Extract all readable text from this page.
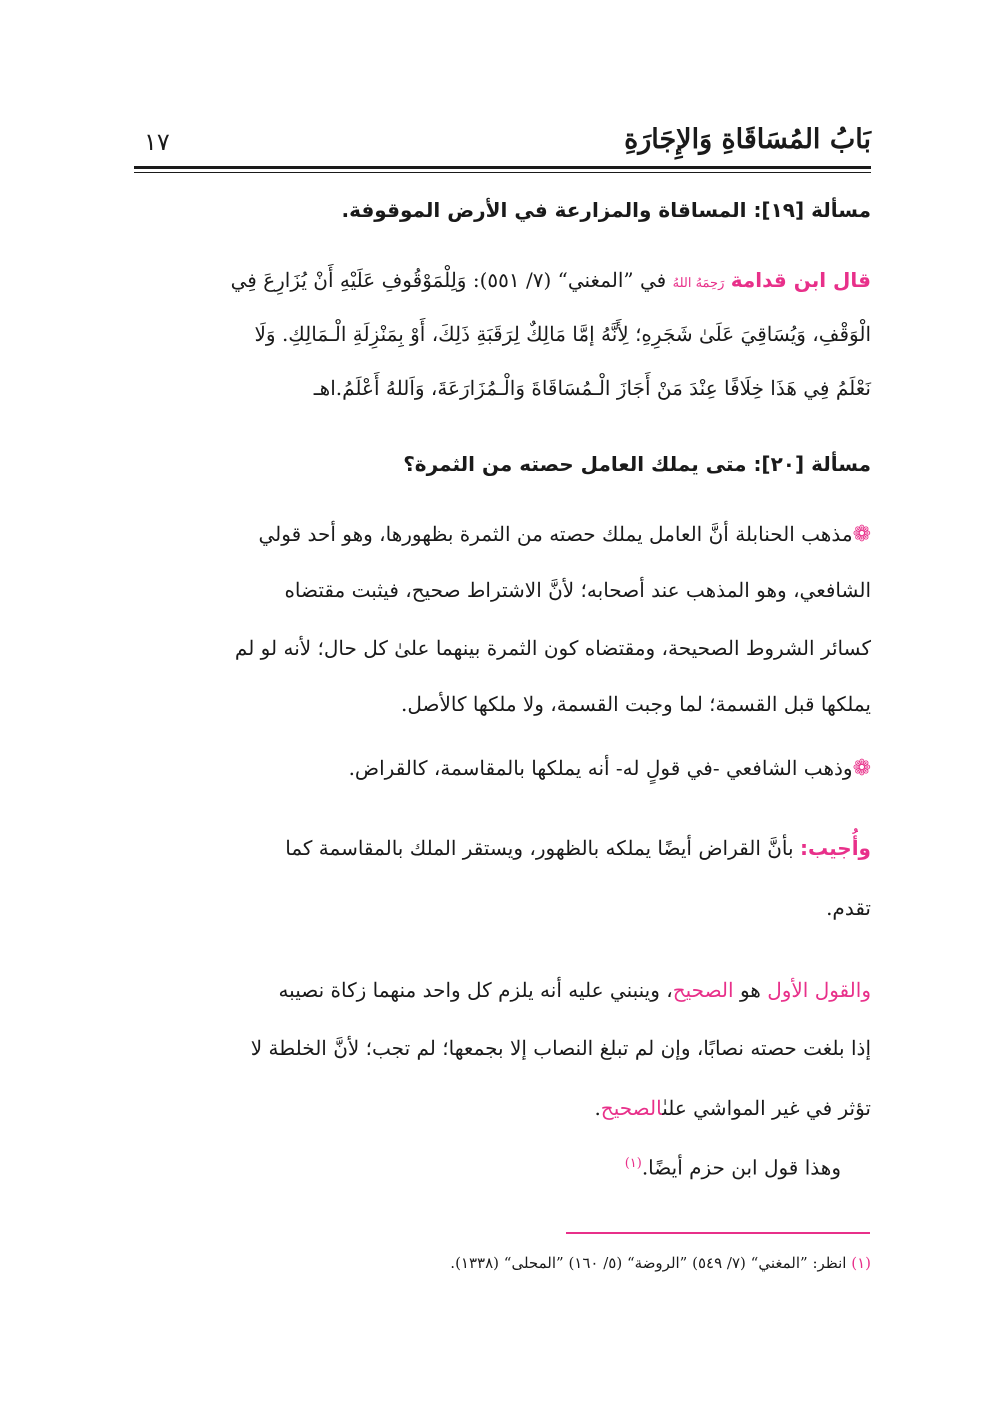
بَابُ المُسَاقَاةِ وَالإِجَارَةِ
١٧
مسألة [١٩]: المساقاة والمزارعة في الأرض الموقوفة.
قال ابن قدامة رَحِمَهُ اللهُ في ”المغني“ (٧/ ٥٥١): وَلِلْمَوْقُوفِ عَلَيْهِ أَنْ يُزَارِعَ فِي
الْوَقْفِ، وَيُسَاقِيَ عَلَىٰ شَجَرِهِ؛ لِأَنَّهُ إمَّا مَالِكٌ لِرَقَبَةِ ذَلِكَ، أَوْ بِمَنْزِلَةِ الْـمَالِكِ. وَلَا
نَعْلَمُ فِي هَذَا خِلَافًا عِنْدَ مَنْ أَجَازَ الْـمُسَاقَاةَ وَالْـمُزَارَعَةَ، وَاَللهُ أَعْلَمُ.اهـ
مسألة [٢٠]: متى يملك العامل حصته من الثمرة؟
❁مذهب الحنابلة أنَّ العامل يملك حصته من الثمرة بظهورها، وهو أحد قولي
الشافعي، وهو المذهب عند أصحابه؛ لأنَّ الاشتراط صحيح، فيثبت مقتضاه
كسائر الشروط الصحيحة، ومقتضاه كون الثمرة بينهما علىٰ كل حال؛ لأنه لو لم
يملكها قبل القسمة؛ لما وجبت القسمة، ولا ملكها كالأصل.
❁وذهب الشافعي -في قولٍ له- أنه يملكها بالمقاسمة، كالقراض.
وأُجيب: بأنَّ القراض أيضًا يملكه بالظهور، ويستقر الملك بالمقاسمة كما
تقدم.
والقول الأول هو الصحيح، وينبني عليه أنه يلزم كل واحد منهما زكاة نصيبه
إذا بلغت حصته نصابًا، وإن لم تبلغ النصاب إلا بجمعها؛ لم تجب؛ لأنَّ الخلطة لا
تؤثر في غير المواشي علىٰالصحيح.
وهذا قول ابن حزم أيضًا.$^{(١)}$
(١) انظر: ”المغني“ (٧/ ٥٤٩) ”الروضة“ (٥/ ١٦٠) ”المحلى“ (١٣٣٨).
